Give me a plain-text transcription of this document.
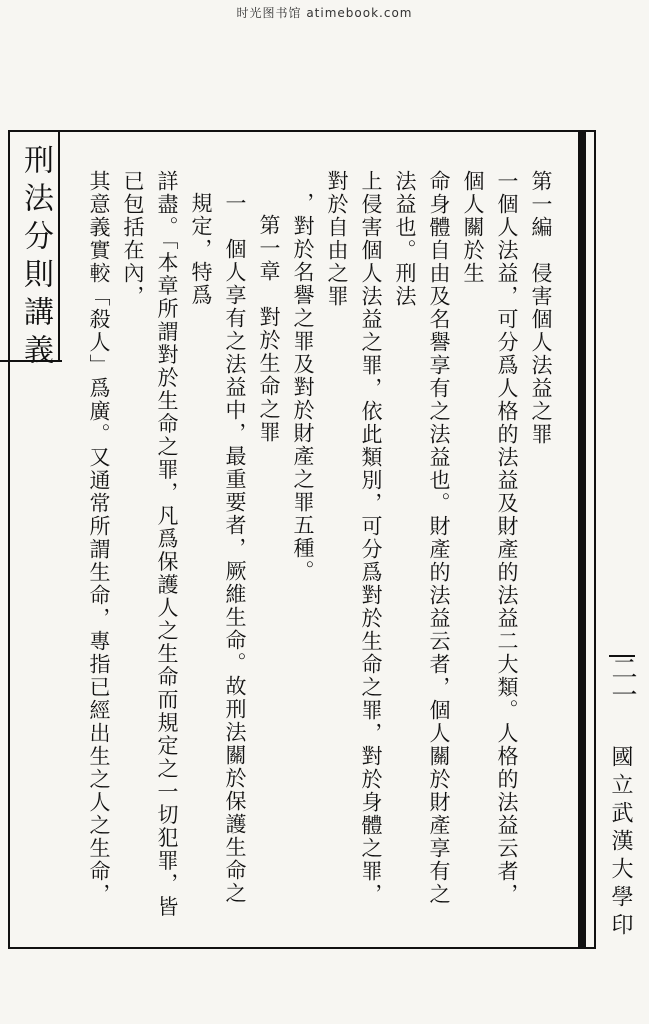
时光图书馆 atimebook.com
刑法分則講義	第一編　侵害個人法益之罪

一個人法益，可分爲人格的法益及財產的法益二大類。人格的法益云者，個人關於生

命身體自由及名譽享有之法益也。財產的法益云者，個人關於財產享有之法益也。刑法

上侵害個人法益之罪，依此類別，可分爲對於生命之罪，對於身體之罪，對於自由之罪

，對於名譽之罪及對於財產之罪五種。

第一章　對於生命之罪

一　個人享有之法益中，最重要者，厥維生命。故刑法關於保護生命之規定，特爲

詳盡。「本章所謂對於生命之罪，凡爲保護人之生命而規定之一切犯罪，皆已包括在內，

其意義實較「殺人」爲廣。又通常所謂生命，專指已經出生之人之生命，

二一
國立武漢大學印
